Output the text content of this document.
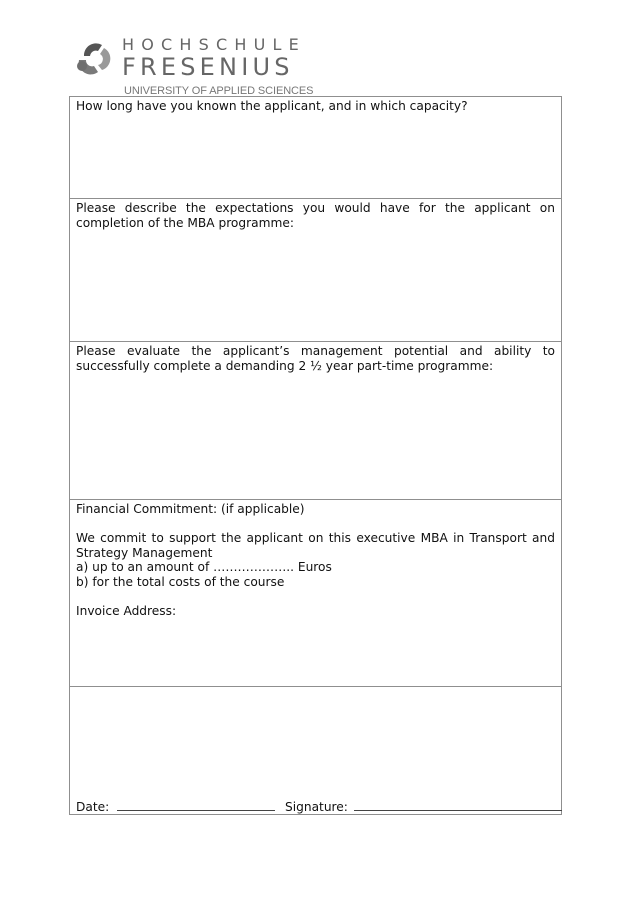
HOCHSCHULE
FRESENIUS
UNIVERSITY OF APPLIED SCIENCES

How long have you known the applicant, and in which capacity?

Please describe the expectations you would have for the applicant on completion of the MBA programme:

Please evaluate the applicant’s management potential and ability to successfully complete a demanding 2 ½ year part-time programme:

Financial Commitment: (if applicable)

We commit to support the applicant on this executive MBA in Transport and Strategy Management

a) up to an amount of ……………….. Euros

b) for the total costs of the course

Invoice Address:

Date:	Signature:
